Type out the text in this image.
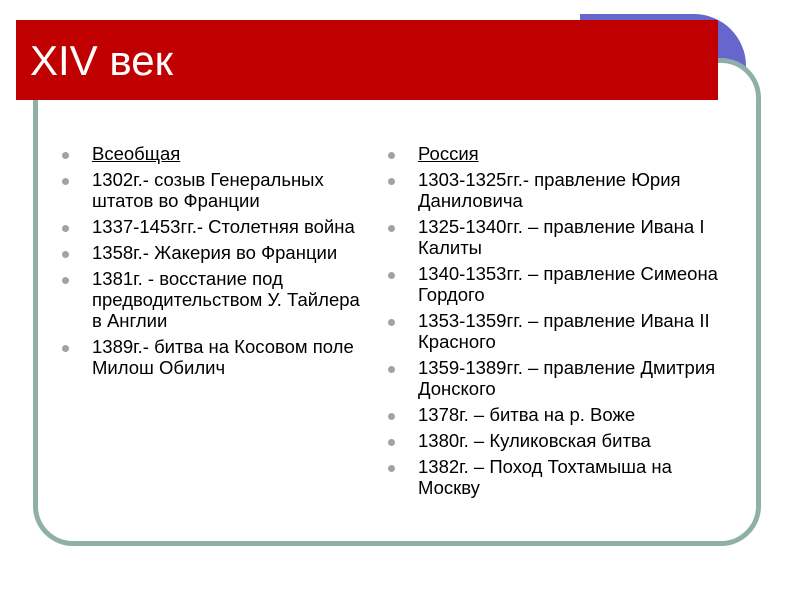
XIV век
Всеобщая
1302г.- созыв Генеральных штатов во Франции
1337-1453гг.- Столетняя война
1358г.- Жакерия во Франции
1381г. - восстание под предводительством У. Тайлера в Англии
1389г.- битва на Косовом поле Милош Обилич
Россия
1303-1325гг.- правление Юрия Даниловича
1325-1340гг. – правление Ивана I Калиты
1340-1353гг. – правление Симеона Гордого
1353-1359гг. – правление Ивана II Красного
1359-1389гг. – правление Дмитрия Донского
1378г. – битва на р. Воже
1380г. – Куликовская битва
1382г. – Поход Тохтамыша на Москву
